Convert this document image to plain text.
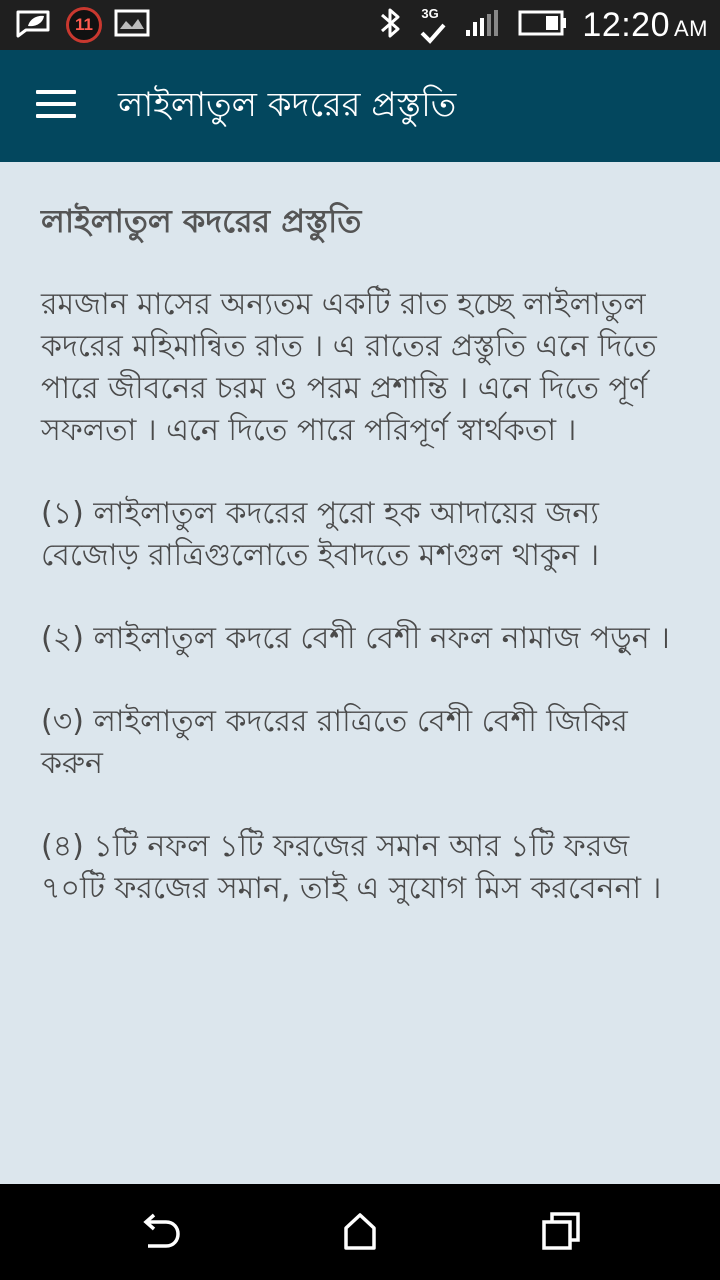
11
3G	12:20 AM
লাইলাতুল কদরের প্রস্তুতি
লাইলাতুল কদরের প্রস্তুতি

রমজান মাসের অন্যতম একটি রাত হচ্ছে লাইলাতুল কদরের মহিমান্বিত রাত । এ রাতের প্রস্তুতি এনে দিতে পারে জীবনের চরম ও পরম প্রশান্তি । এনে দিতে পূর্ণ সফলতা । এনে দিতে পারে পরিপূর্ণ স্বার্থকতা ।

(১) লাইলাতুল কদরের পুরো হক আদায়ের জন্য বেজোড় রাত্রিগুলোতে ইবাদতে মশগুল থাকুন ।

(২) লাইলাতুল কদরে বেশী বেশী নফল নামাজ পড়ুন ।

(৩) লাইলাতুল কদরের রাত্রিতে বেশী বেশী জিকির করুন

(৪) ১টি নফল ১টি ফরজের সমান আর ১টি ফরজ ৭০টি ফরজের সমান, তাই এ সুযোগ মিস করবেননা ।
